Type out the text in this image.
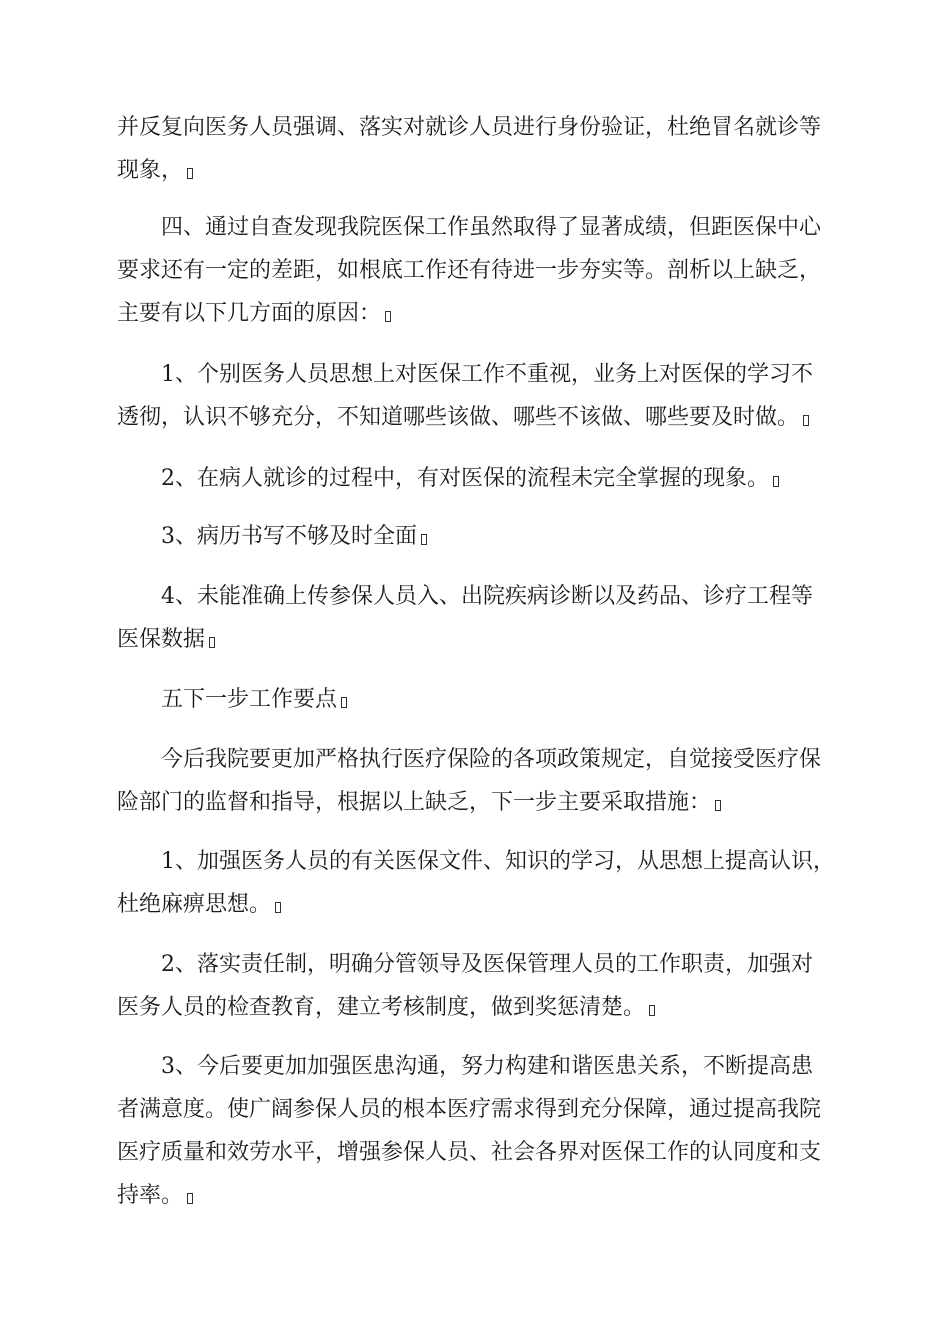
并反复向医务人员强调、落实对就诊人员进行身份验证，杜绝冒名就诊等
现象，
四、通过自查发现我院医保工作虽然取得了显著成绩，但距医保中心
要求还有一定的差距，如根底工作还有待进一步夯实等。剖析以上缺乏，
主要有以下几方面的原因：
1、个别医务人员思想上对医保工作不重视，业务上对医保的学习不
透彻，认识不够充分，不知道哪些该做、哪些不该做、哪些要及时做。
2、在病人就诊的过程中，有对医保的流程未完全掌握的现象。
3、病历书写不够及时全面
4、未能准确上传参保人员入、出院疾病诊断以及药品、诊疗工程等
医保数据
五下一步工作要点
今后我院要更加严格执行医疗保险的各项政策规定，自觉接受医疗保
险部门的监督和指导，根据以上缺乏，下一步主要采取措施：
1、加强医务人员的有关医保文件、知识的学习，从思想上提高认识，
杜绝麻痹思想。
2、落实责任制，明确分管领导及医保管理人员的工作职责，加强对
医务人员的检查教育，建立考核制度，做到奖惩清楚。
3、今后要更加加强医患沟通，努力构建和谐医患关系，不断提高患
者满意度。使广阔参保人员的根本医疗需求得到充分保障，通过提高我院
医疗质量和效劳水平，增强参保人员、社会各界对医保工作的认同度和支
持率。
